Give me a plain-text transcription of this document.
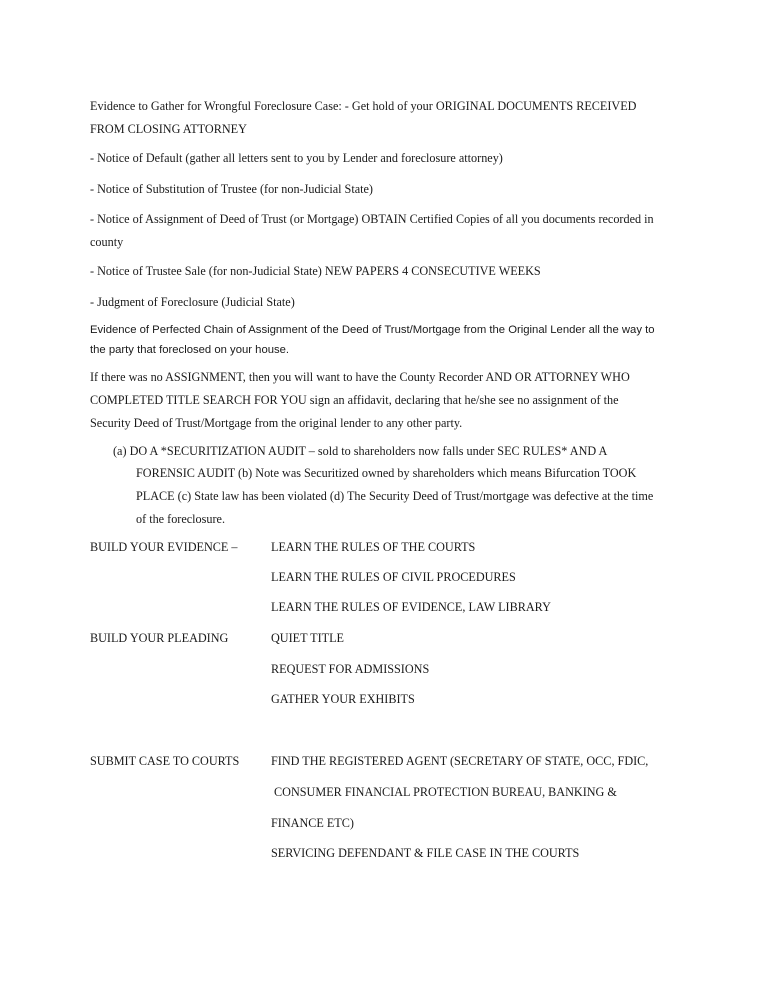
Evidence to Gather for Wrongful Foreclosure Case: - Get hold of your ORIGINAL DOCUMENTS RECEIVED
FROM CLOSING ATTORNEY

- Notice of Default (gather all letters sent to you by Lender and foreclosure attorney)

- Notice of Substitution of Trustee (for non-Judicial State)

- Notice of Assignment of Deed of Trust (or Mortgage) OBTAIN Certified Copies of all you documents recorded in
county

- Notice of Trustee Sale (for non-Judicial State) NEW PAPERS 4 CONSECUTIVE WEEKS

- Judgment of Foreclosure (Judicial State)

Evidence of Perfected Chain of Assignment of the Deed of Trust/Mortgage from the Original Lender all the way to
the party that foreclosed on your house.

If there was no ASSIGNMENT, then you will want to have the County Recorder AND OR ATTORNEY WHO
COMPLETED TITLE SEARCH FOR YOU sign an affidavit, declaring that he/she see no assignment of the
Security Deed of Trust/Mortgage from the original lender to any other party.

(a) DO A *SECURITIZATION AUDIT – sold to shareholders now falls under SEC RULES* AND A

FORENSIC AUDIT (b) Note was Securitized owned by shareholders which means Bifurcation TOOK
PLACE (c) State law has been violated (d) The Security Deed of Trust/mortgage was defective at the time
of the foreclosure.

BUILD YOUR EVIDENCE –	LEARN THE RULES OF THE COURTS

LEARN THE RULES OF CIVIL PROCEDURES

LEARN THE RULES OF EVIDENCE, LAW LIBRARY

BUILD YOUR PLEADING	QUIET TITLE

REQUEST FOR ADMISSIONS

GATHER YOUR EXHIBITS

SUBMIT CASE TO COURTS	FIND THE REGISTERED AGENT (SECRETARY OF STATE, OCC, FDIC,

CONSUMER FINANCIAL PROTECTION BUREAU, BANKING &

FINANCE ETC)

SERVICING DEFENDANT & FILE CASE IN THE COURTS
